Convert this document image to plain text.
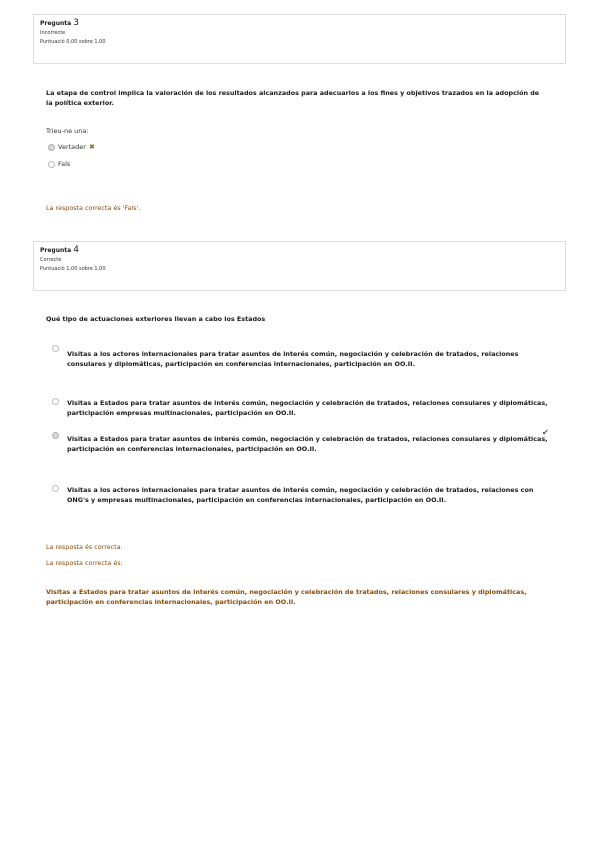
Pregunta 3
Incorrecte
Puntuació 0,00 sobre 1,00
La etapa de control implica la valoración de los resultados alcanzados para adecuarlos a los fines y objetivos trazados en la adopción de la política exterior.
Trieu-ne una:
Vertader ✖
Fals
La resposta correcta és 'Fals'.
Pregunta 4
Correcte
Puntuació 1,00 sobre 1,00
Qué tipo de actuaciones exteriores llevan a cabo los Estados
Visitas a los actores internacionales para tratar asuntos de interés común, negociación y celebración de tratados, relaciones consulares y diplomáticas, participación en conferencias internacionales, participación en OO.II.
Visitas a Estados para tratar asuntos de interés común, negociación y celebración de tratados, relaciones consulares y diplomáticas, participación empresas multinacionales, participación en OO.II.
Visitas a Estados para tratar asuntos de interés común, negociación y celebración de tratados, relaciones consulares y diplomáticas, participación en conferencias internacionales, participación en OO.II.
✔
Visitas a los actores internacionales para tratar asuntos de interés común, negociación y celebración de tratados, relaciones con ONG's y empresas multinacionales, participación en conferencias internacionales, participación en OO.II.
La resposta és correcta.
La resposta correcta és:
Visitas a Estados para tratar asuntos de interés común, negociación y celebración de tratados, relaciones consulares y diplomáticas, participación en conferencias internacionales, participación en OO.II.
